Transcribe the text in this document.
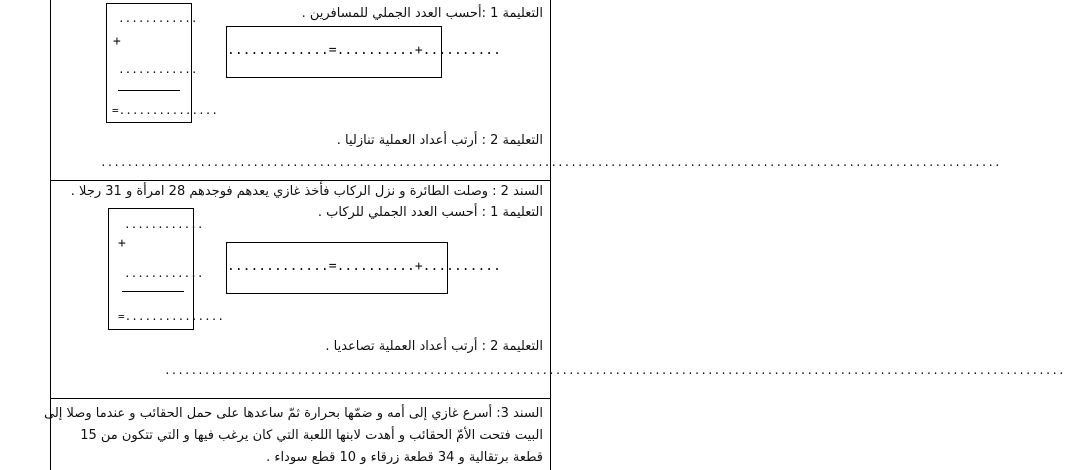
التعليمة 1 :أحسب العدد الجملي للمسافرين .
............
+
............
=...............
.............=..........+..........
التعليمة 2 : أرتب أعداد العملية تنازليا .
........................................................................................................................................
السند 2 : وصلت الطائرة و نزل الركاب فأخذ غازي يعدهم فوجدهم 28 امرأة و 31 رجلا .
التعليمة 1 : أحسب العدد الجملي للركاب .
............
+
............
=...............
.............=..........+..........
التعليمة 2 : أرتب أعداد العملية تصاعديا .
........................................................................................................................................
السند 3: أسرع غازي إلى أمه و ضمّها بحرارة ثمّ ساعدها على حمل الحقائب و عندما وصلا إلى
البيت فتحت الأمّ الحقائب و أهدت لابنها اللعبة التي كان يرغب فيها و التي تتكون من 15
قطعة برتقالية و 34 قطعة زرقاء و 10 قطع سوداء .
